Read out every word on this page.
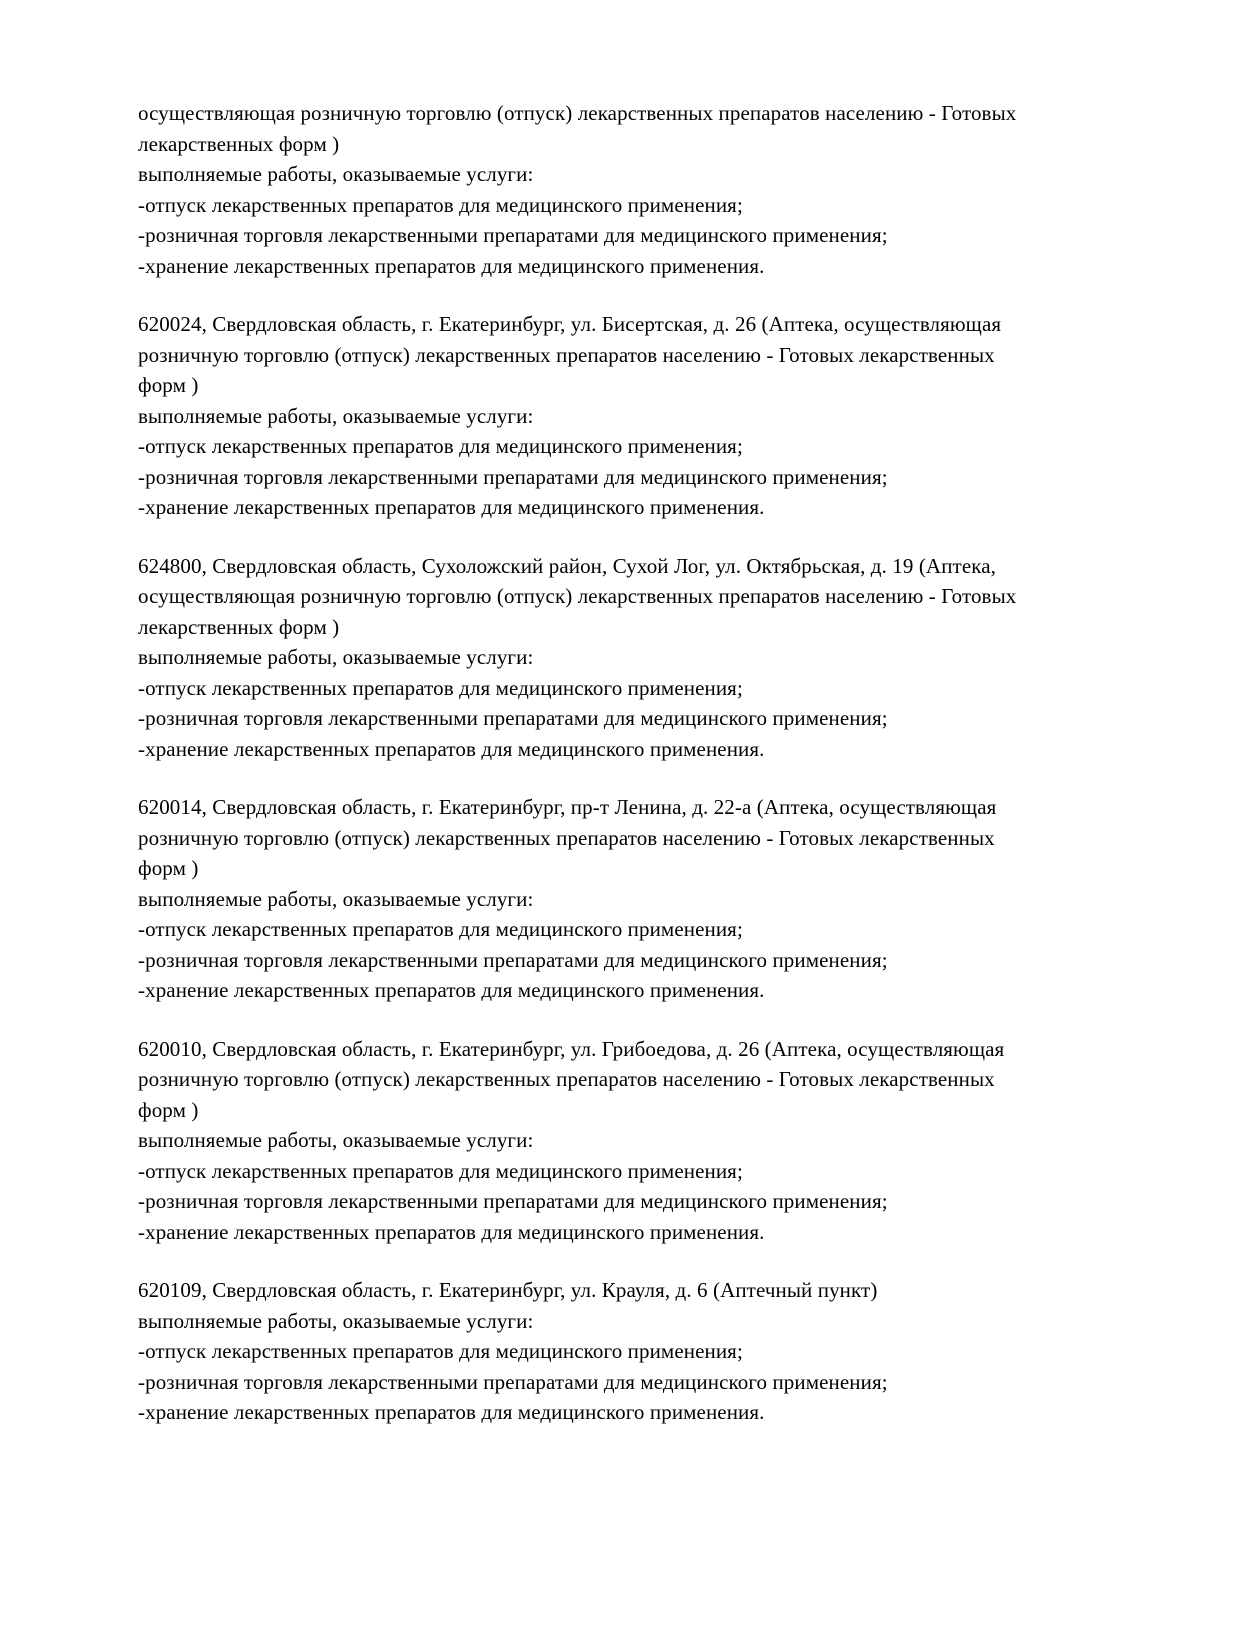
осуществляющая розничную торговлю (отпуск) лекарственных препаратов населению - Готовых
лекарственных форм )
выполняемые работы, оказываемые услуги:
-отпуск лекарственных препаратов для медицинского применения;
-розничная торговля лекарственными препаратами для медицинского применения;
-хранение лекарственных препаратов для медицинского применения.
620024, Свердловская область, г. Екатеринбург, ул. Бисертская, д. 26 (Аптека, осуществляющая
розничную торговлю (отпуск) лекарственных препаратов населению - Готовых лекарственных
форм )
выполняемые работы, оказываемые услуги:
-отпуск лекарственных препаратов для медицинского применения;
-розничная торговля лекарственными препаратами для медицинского применения;
-хранение лекарственных препаратов для медицинского применения.
624800, Свердловская область, Сухоложский район, Сухой Лог, ул. Октябрьская, д. 19 (Аптека,
осуществляющая розничную торговлю (отпуск) лекарственных препаратов населению - Готовых
лекарственных форм )
выполняемые работы, оказываемые услуги:
-отпуск лекарственных препаратов для медицинского применения;
-розничная торговля лекарственными препаратами для медицинского применения;
-хранение лекарственных препаратов для медицинского применения.
620014, Свердловская область, г. Екатеринбург, пр-т Ленина, д. 22-а (Аптека, осуществляющая
розничную торговлю (отпуск) лекарственных препаратов населению - Готовых лекарственных
форм )
выполняемые работы, оказываемые услуги:
-отпуск лекарственных препаратов для медицинского применения;
-розничная торговля лекарственными препаратами для медицинского применения;
-хранение лекарственных препаратов для медицинского применения.
620010, Свердловская область, г. Екатеринбург, ул. Грибоедова, д. 26 (Аптека, осуществляющая
розничную торговлю (отпуск) лекарственных препаратов населению - Готовых лекарственных
форм )
выполняемые работы, оказываемые услуги:
-отпуск лекарственных препаратов для медицинского применения;
-розничная торговля лекарственными препаратами для медицинского применения;
-хранение лекарственных препаратов для медицинского применения.
620109, Свердловская область, г. Екатеринбург, ул. Крауля, д. 6 (Аптечный пункт)
выполняемые работы, оказываемые услуги:
-отпуск лекарственных препаратов для медицинского применения;
-розничная торговля лекарственными препаратами для медицинского применения;
-хранение лекарственных препаратов для медицинского применения.
